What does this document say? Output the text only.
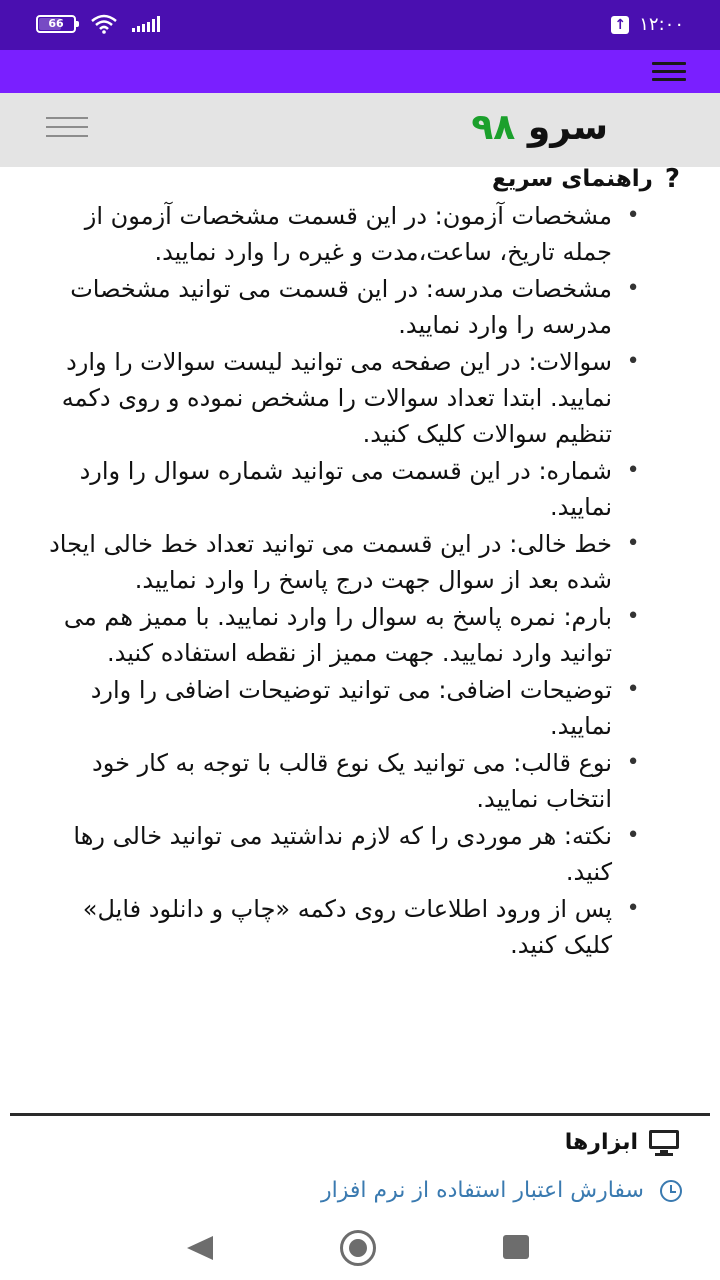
66	↑ ۱۲:۰۰
سرو ۹۸
?
راهنمای سریع
• مشخصات آزمون: در این قسمت مشخصات آزمون از جمله تاریخ، ساعت،مدت و غیره را وارد نمایید.
• مشخصات مدرسه: در این قسمت می توانید مشخصات مدرسه را وارد نمایید.
• سوالات: در این صفحه می توانید لیست سوالات را وارد نمایید. ابتدا تعداد سوالات را مشخص نموده و روی دکمه تنظیم سوالات کلیک کنید.
• شماره: در این قسمت می توانید شماره سوال را وارد نمایید.
• خط خالی: در این قسمت می توانید تعداد خط خالی ایجاد شده بعد از سوال جهت درج پاسخ را وارد نمایید.
• بارم: نمره پاسخ به سوال را وارد نمایید. با ممیز هم می توانید وارد نمایید. جهت ممیز از نقطه استفاده کنید.
• توضیحات اضافی: می توانید توضیحات اضافی را وارد نمایید.
• نوع قالب: می توانید یک نوع قالب با توجه به کار خود انتخاب نمایید.
• نکته: هر موردی را که لازم نداشتید می توانید خالی رها کنید.
• پس از ورود اطلاعات روی دکمه «چاپ و دانلود فایل» کلیک کنید.
ابزارها
سفارش اعتبار استفاده از نرم افزار
